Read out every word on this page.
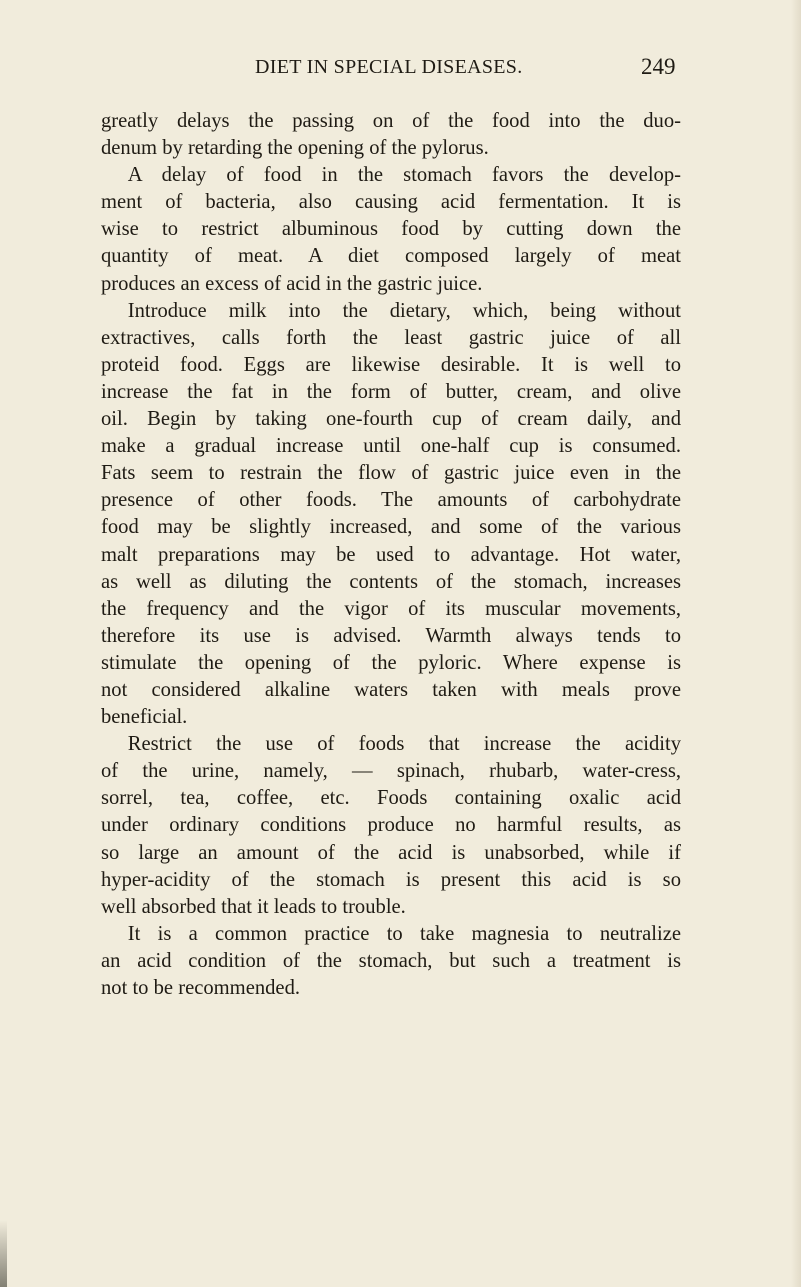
DIET IN SPECIAL DISEASES.	249
greatly delays the passing on of the food into the duo-
denum by retarding the opening of the pylorus.
A delay of food in the stomach favors the develop-
ment of bacteria, also causing acid fermentation. It is
wise to restrict albuminous food by cutting down the
quantity of meat. A diet composed largely of meat
produces an excess of acid in the gastric juice.
Introduce milk into the dietary, which, being without
extractives, calls forth the least gastric juice of all
proteid food. Eggs are likewise desirable. It is well to
increase the fat in the form of butter, cream, and olive
oil. Begin by taking one-fourth cup of cream daily, and
make a gradual increase until one-half cup is consumed.
Fats seem to restrain the flow of gastric juice even in the
presence of other foods. The amounts of carbohydrate
food may be slightly increased, and some of the various
malt preparations may be used to advantage. Hot water,
as well as diluting the contents of the stomach, increases
the frequency and the vigor of its muscular movements,
therefore its use is advised. Warmth always tends to
stimulate the opening of the pyloric. Where expense is
not considered alkaline waters taken with meals prove
beneficial.
Restrict the use of foods that increase the acidity
of the urine, namely, — spinach, rhubarb, water-cress,
sorrel, tea, coffee, etc. Foods containing oxalic acid
under ordinary conditions produce no harmful results, as
so large an amount of the acid is unabsorbed, while if
hyper-acidity of the stomach is present this acid is so
well absorbed that it leads to trouble.
It is a common practice to take magnesia to neutralize
an acid condition of the stomach, but such a treatment is
not to be recommended.
